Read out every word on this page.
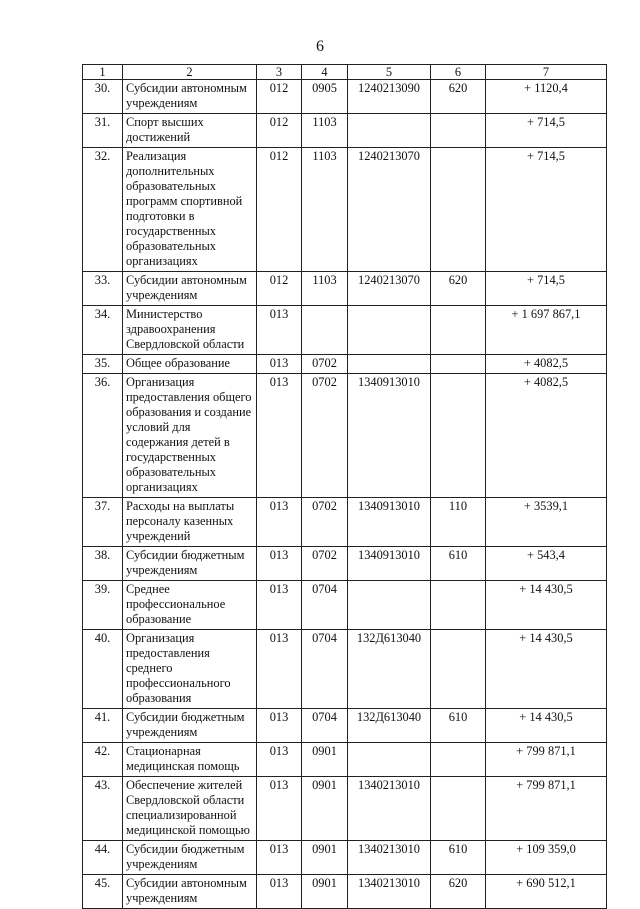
6
1	2	3	4	5	6	7
30.	Субсидии автономным учреждениям	012	0905	1240213090	620	+ 1120,4
31.	Спорт высших достижений	012	1103			+ 714,5
32.	Реализация дополнительных образовательных программ спортивной подготовки в государственных образовательных организациях	012	1103	1240213070		+ 714,5
33.	Субсидии автономным учреждениям	012	1103	1240213070	620	+ 714,5
34.	Министерство здравоохранения Свердловской области	013				+ 1 697 867,1
35.	Общее образование	013	0702			+ 4082,5
36.	Организация предоставления общего образования и создание условий для содержания детей в государственных образовательных организациях	013	0702	1340913010		+ 4082,5
37.	Расходы на выплаты персоналу казенных учреждений	013	0702	1340913010	110	+ 3539,1
38.	Субсидии бюджетным учреждениям	013	0702	1340913010	610	+ 543,4
39.	Среднее профессиональное образование	013	0704			+ 14 430,5
40.	Организация предоставления среднего профессионального образования	013	0704	132Д613040		+ 14 430,5
41.	Субсидии бюджетным учреждениям	013	0704	132Д613040	610	+ 14 430,5
42.	Стационарная медицинская помощь	013	0901			+ 799 871,1
43.	Обеспечение жителей Свердловской области специализированной медицинской помощью	013	0901	1340213010		+ 799 871,1
44.	Субсидии бюджетным учреждениям	013	0901	1340213010	610	+ 109 359,0
45.	Субсидии автономным учреждениям	013	0901	1340213010	620	+ 690 512,1
